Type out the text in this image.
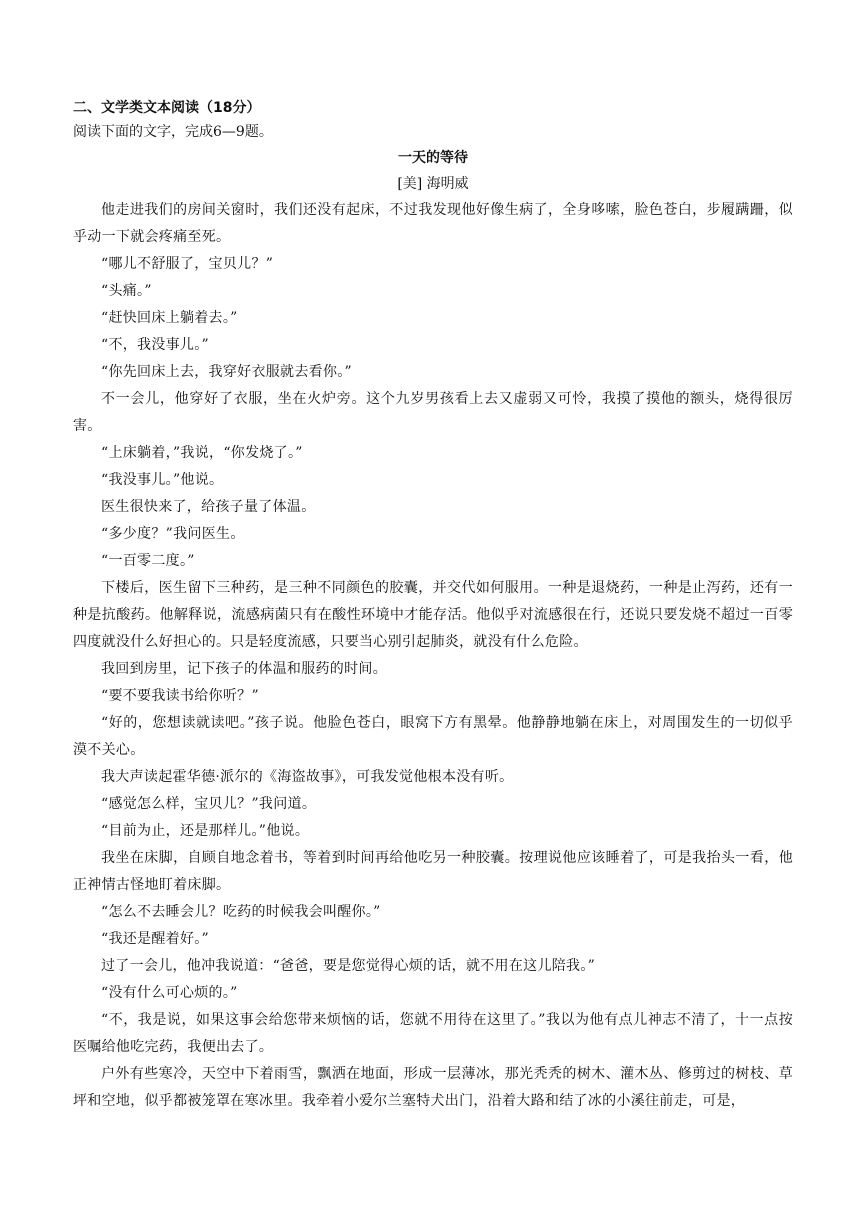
二、文学类文本阅读（18分）

阅读下面的文字，完成6—9题。

一天的等待

[美] 海明威

他走进我们的房间关窗时，我们还没有起床，不过我发现他好像生病了，全身哆嗦，脸色苍白，步履蹒跚，似乎动一下就会疼痛至死。

“哪儿不舒服了，宝贝儿？”

“头痛。”

“赶快回床上躺着去。”

“不，我没事儿。”

“你先回床上去，我穿好衣服就去看你。”

不一会儿，他穿好了衣服，坐在火炉旁。这个九岁男孩看上去又虚弱又可怜，我摸了摸他的额头，烧得很厉害。

“上床躺着，”我说，“你发烧了。”

“我没事儿。”他说。

医生很快来了，给孩子量了体温。

“多少度？”我问医生。

“一百零二度。”

下楼后，医生留下三种药，是三种不同颜色的胶囊，并交代如何服用。一种是退烧药，一种是止泻药，还有一种是抗酸药。他解释说，流感病菌只有在酸性环境中才能存活。他似乎对流感很在行，还说只要发烧不超过一百零四度就没什么好担心的。只是轻度流感，只要当心别引起肺炎，就没有什么危险。

我回到房里，记下孩子的体温和服药的时间。

“要不要我读书给你听？”

“好的，您想读就读吧。”孩子说。他脸色苍白，眼窝下方有黑晕。他静静地躺在床上，对周围发生的一切似乎漠不关心。

我大声读起霍华德·派尔的《海盗故事》，可我发觉他根本没有听。

“感觉怎么样，宝贝儿？”我问道。

“目前为止，还是那样儿。”他说。

我坐在床脚，自顾自地念着书，等着到时间再给他吃另一种胶囊。按理说他应该睡着了，可是我抬头一看，他正神情古怪地盯着床脚。

“怎么不去睡会儿？吃药的时候我会叫醒你。”

“我还是醒着好。”

过了一会儿，他冲我说道：“爸爸，要是您觉得心烦的话，就不用在这儿陪我。”

“没有什么可心烦的。”

“不，我是说，如果这事会给您带来烦恼的话，您就不用待在这里了。”我以为他有点儿神志不清了，十一点按医嘱给他吃完药，我便出去了。

户外有些寒冷，天空中下着雨雪，飘洒在地面，形成一层薄冰，那光秃秃的树木、灌木丛、修剪过的树枝、草坪和空地，似乎都被笼罩在寒冰里。我牵着小爱尔兰塞特犬出门，沿着大路和结了冰的小溪往前走，可是，
